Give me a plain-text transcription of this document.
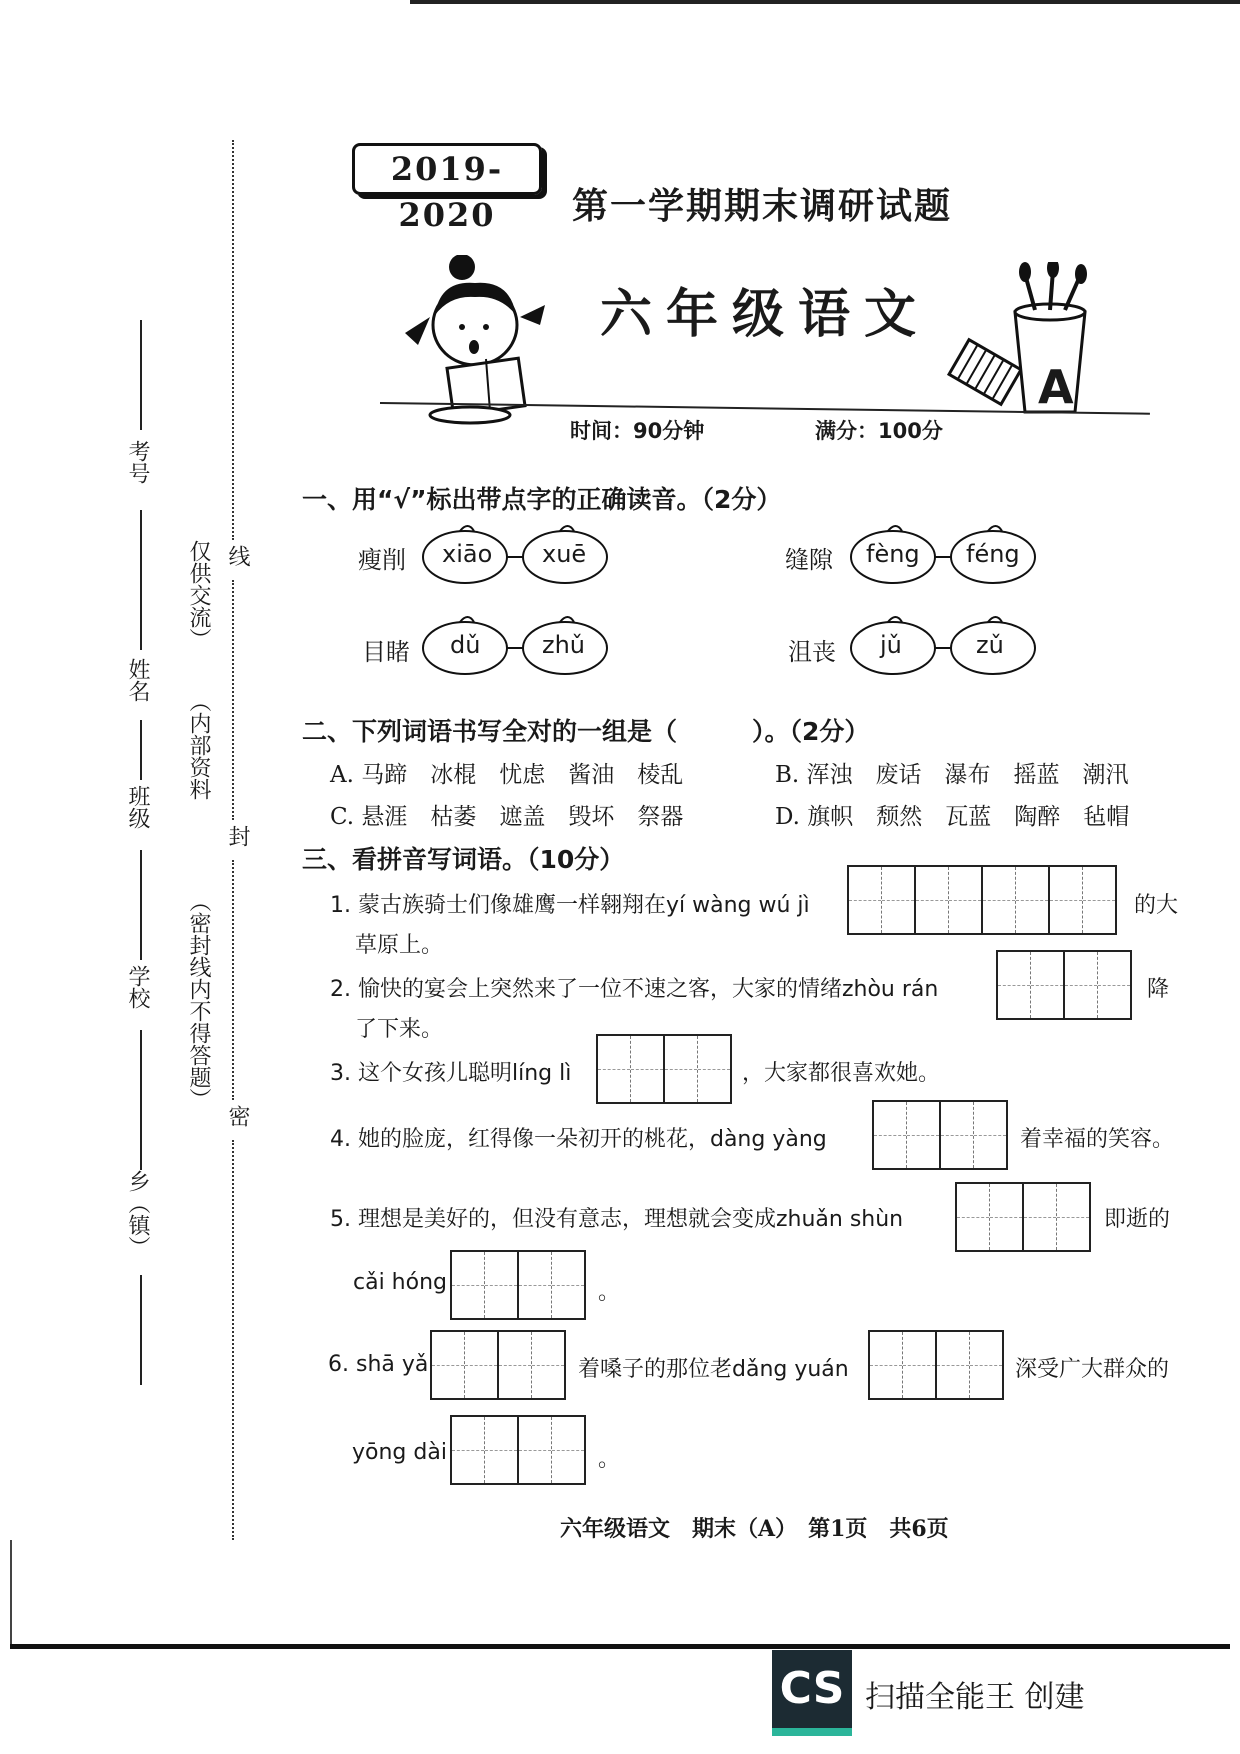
考号
姓名
班级
学校
乡（镇）
仅供交流）
（内部资料
（密封线内不得答题）
线
封
密
2019-2020	第一学期期末调研试题
六年级语文
A
时间：90分钟	满分：100分
一、用“√”标出带点字的正确读音。（2分）
瘦削 xiāo xuē	缝隙 fèng féng
目睹 dǔ	zhǔ	沮丧 jǔ	zǔ
二、下列词语书写全对的一组是（　　　）。（2分）
A. 马蹄　冰棍　忧虑　酱油　棱乱	B. 浑浊　废话　瀑布　摇蓝　潮汛
C. 悬涯　枯萎　遮盖　毁坏　祭器	D. 旗帜　颓然　瓦蓝　陶醉　毡帽
三、看拼音写词语。（10分）
1. 蒙古族骑士们像雄鹰一样翱翔在yí wàng wú jì	的大
草原上。
2. 愉快的宴会上突然来了一位不速之客，大家的情绪zhòu rán	降
了下来。
3. 这个女孩儿聪明líng lì	，大家都很喜欢她。
4. 她的脸庞，红得像一朵初开的桃花，dàng yàng	着幸福的笑容。
5. 理想是美好的，但没有意志，理想就会变成zhuǎn shùn	即逝的
cǎi hóng	。
6. shā yǎ	着嗓子的那位老dǎng yuán	深受广大群众的
yōng dài	。
六年级语文　期末（A）　第1页　共6页
CS 扫描全能王 创建
